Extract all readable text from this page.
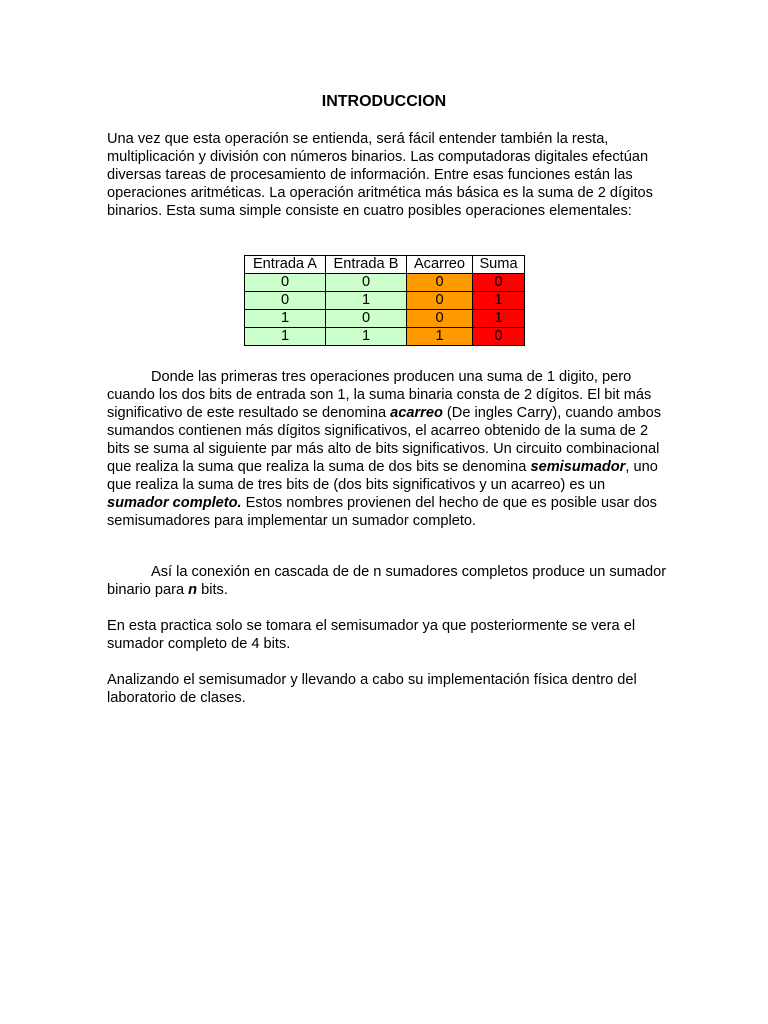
INTRODUCCION

Una vez que esta operación se entienda, será fácil entender también la resta, multiplicación y división con números binarios. Las computadoras digitales efectúan diversas tareas de procesamiento de información. Entre esas funciones están las operaciones aritméticas. La operación aritmética más básica es la suma de 2 dígitos binarios. Esta suma simple consiste en cuatro posibles operaciones elementales:

Entrada A	Entrada B	Acarreo	Suma
0	0	0	0
0	1	0	1
1	0	0	1
1	1	1	0

Donde las primeras tres operaciones producen una suma de 1 digito, pero cuando los dos bits de entrada son 1, la suma binaria consta de 2 dígitos. El bit más significativo de este resultado se denomina acarreo (De ingles Carry), cuando ambos sumandos contienen más dígitos significativos, el acarreo obtenido de la suma de 2 bits se suma al siguiente par más alto de bits significativos. Un circuito combinacional que realiza la suma que realiza la suma de dos bits se denomina semisumador, uno que realiza la suma de tres bits de (dos bits significativos y un acarreo) es un sumador completo. Estos nombres provienen del hecho de que es posible usar dos semisumadores para implementar un sumador completo.

Así la conexión en cascada de de n sumadores completos produce un sumador binario para n bits.

En esta practica solo se tomara el semisumador ya que posteriormente se vera el sumador completo de 4 bits.

Analizando el semisumador y llevando a cabo su implementación física dentro del laboratorio de clases.
